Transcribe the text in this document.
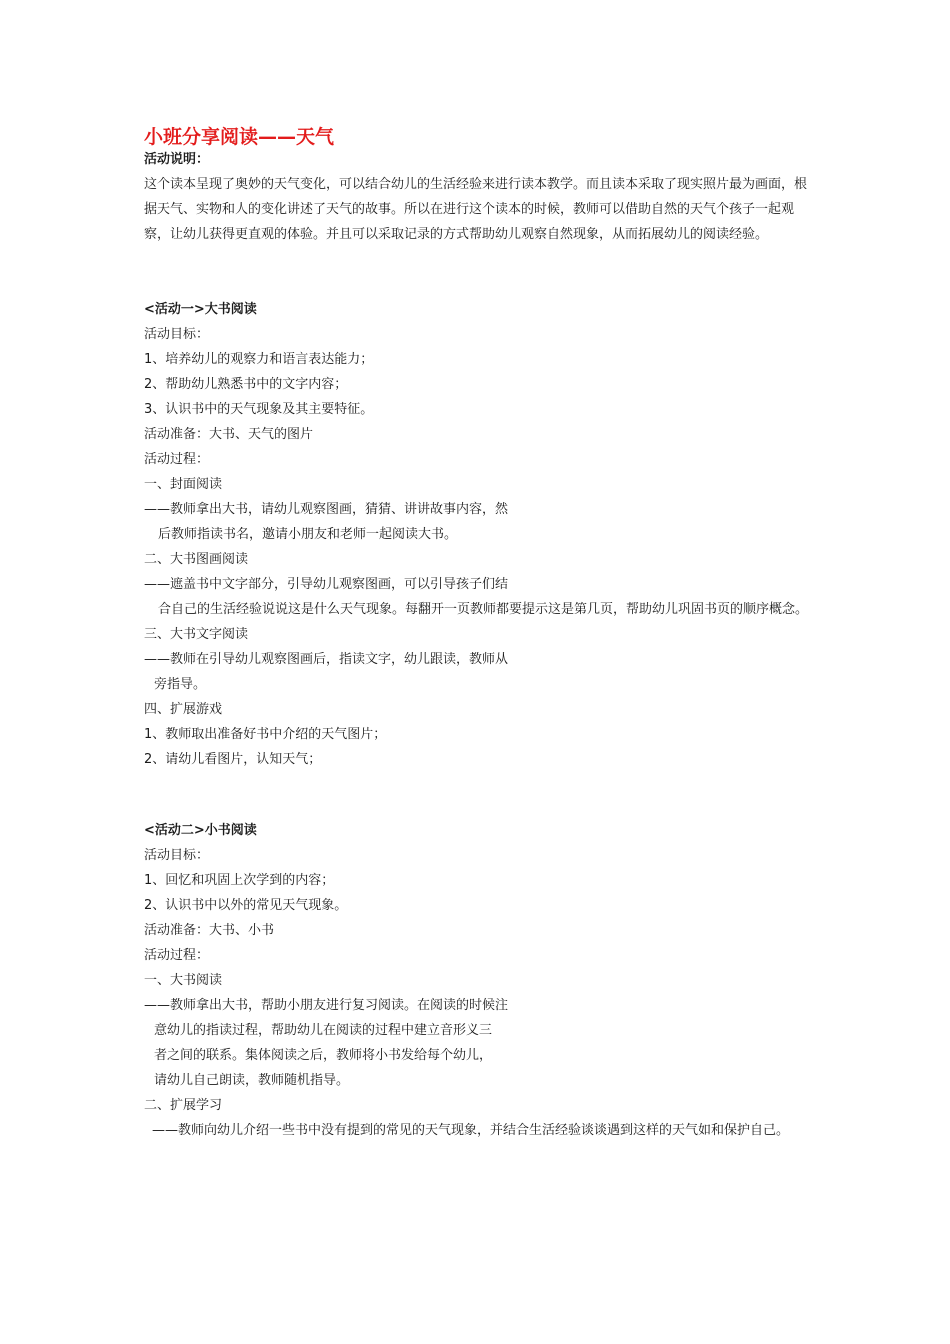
小班分享阅读——天气
活动说明：

这个读本呈现了奥妙的天气变化，可以结合幼儿的生活经验来进行读本教学。而且读本采取了现实照片最为画面，根据天气、实物和人的变化讲述了天气的故事。所以在进行这个读本的时候，教师可以借助自然的天气个孩子一起观察，让幼儿获得更直观的体验。并且可以采取记录的方式帮助幼儿观察自然现象，从而拓展幼儿的阅读经验。

<活动一>大书阅读
活动目标：
1、培养幼儿的观察力和语言表达能力；
2、帮助幼儿熟悉书中的文字内容；
3、认识书中的天气现象及其主要特征。
活动准备：大书、天气的图片
活动过程：
一、封面阅读
——教师拿出大书，请幼儿观察图画，猜猜、讲讲故事内容，然
后教师指读书名，邀请小朋友和老师一起阅读大书。
二、大书图画阅读
——遮盖书中文字部分，引导幼儿观察图画，可以引导孩子们结
合自己的生活经验说说这是什么天气现象。每翻开一页教师都要提示这是第几页，帮助幼儿巩固书页的顺序概念。
三、大书文字阅读
——教师在引导幼儿观察图画后，指读文字，幼儿跟读，教师从
旁指导。
四、扩展游戏
1、教师取出准备好书中介绍的天气图片；
2、请幼儿看图片，认知天气；
<活动二>小书阅读
活动目标：
1、回忆和巩固上次学到的内容；
2、认识书中以外的常见天气现象。
活动准备：大书、小书
活动过程：
一、大书阅读
——教师拿出大书，帮助小朋友进行复习阅读。在阅读的时候注
意幼儿的指读过程，帮助幼儿在阅读的过程中建立音形义三
者之间的联系。集体阅读之后，教师将小书发给每个幼儿，
请幼儿自己朗读，教师随机指导。
二、扩展学习
——教师向幼儿介绍一些书中没有提到的常见的天气现象，并结合生活经验谈谈遇到这样的天气如和保护自己。
